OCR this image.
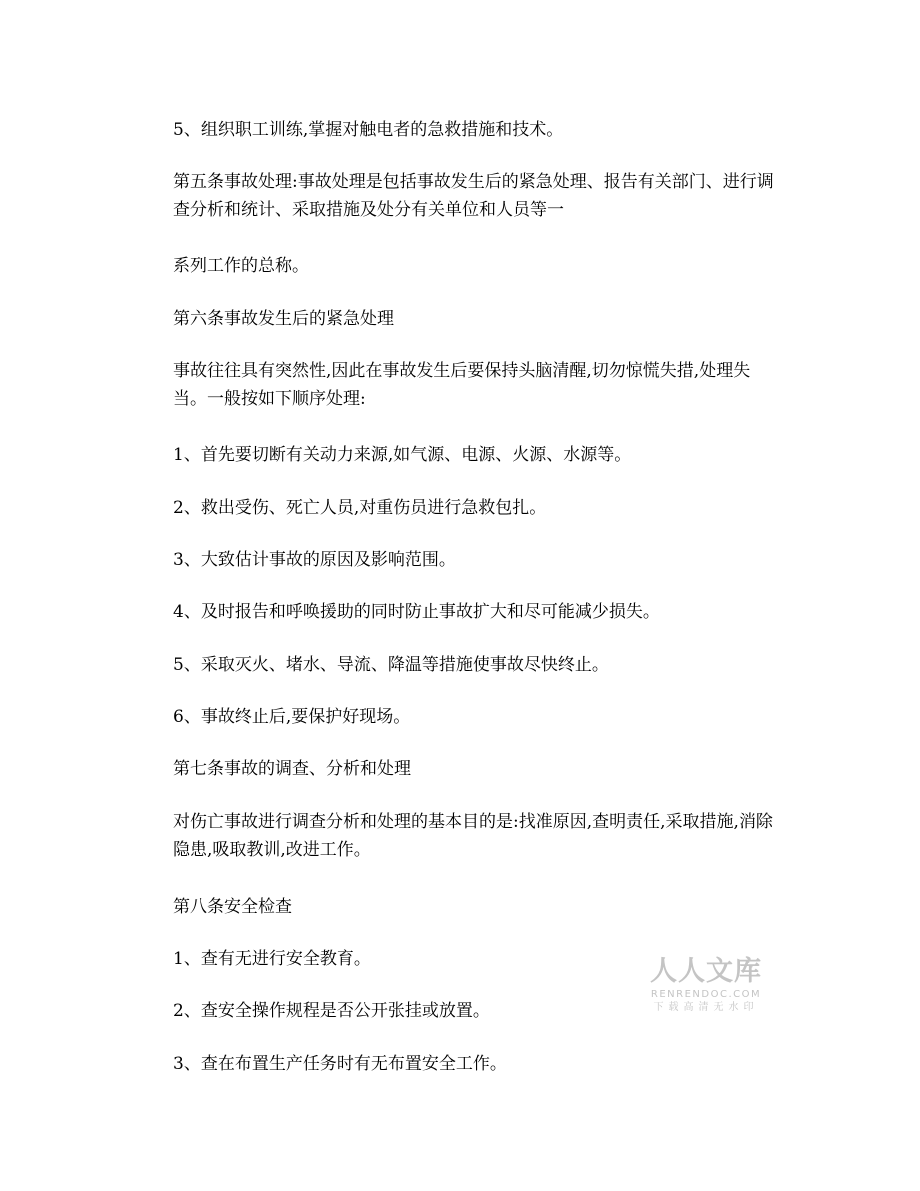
5、组织职工训练,掌握对触电者的急救措施和技术。

第五条事故处理:事故处理是包括事故发生后的紧急处理、报告有关部门、进行调查分析和统计、采取措施及处分有关单位和人员等一

系列工作的总称。

第六条事故发生后的紧急处理

事故往往具有突然性,因此在事故发生后要保持头脑清醒,切勿惊慌失措,处理失当。一般按如下顺序处理:

1、首先要切断有关动力来源,如气源、电源、火源、水源等。

2、救出受伤、死亡人员,对重伤员进行急救包扎。

3、大致估计事故的原因及影响范围。

4、及时报告和呼唤援助的同时防止事故扩大和尽可能减少损失。

5、采取灭火、堵水、导流、降温等措施使事故尽快终止。

6、事故终止后,要保护好现场。

第七条事故的调查、分析和处理

对伤亡事故进行调查分析和处理的基本目的是:找准原因,查明责任,采取措施,消除隐患,吸取教训,改进工作。

第八条安全检查

1、查有无进行安全教育。

2、查安全操作规程是否公开张挂或放置。

3、查在布置生产任务时有无布置安全工作。

人人文库
RENRENDOC.COM
下载高清无水印
